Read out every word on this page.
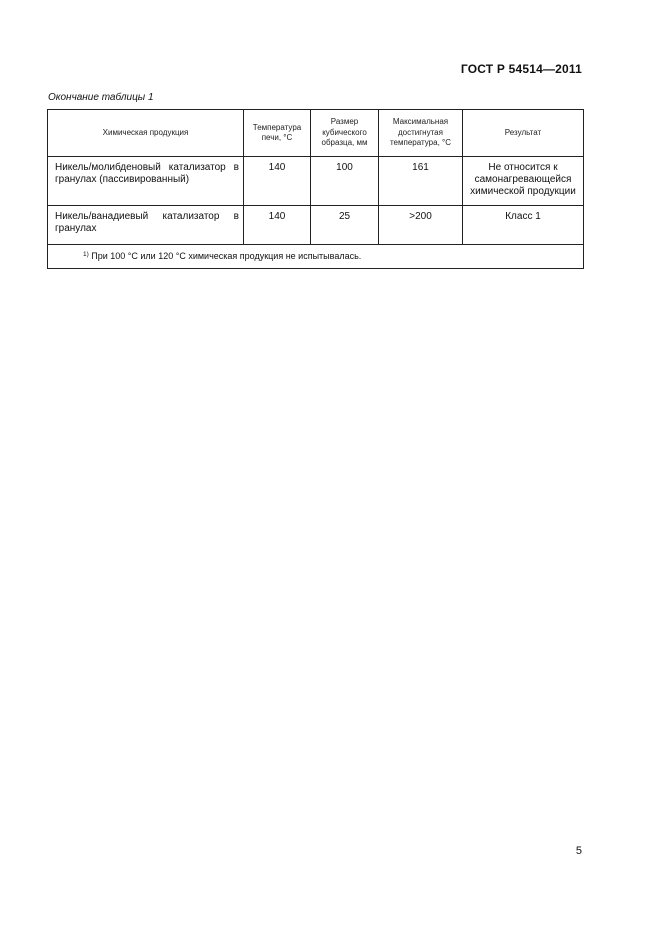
ГОСТ Р 54514—2011
Окончание таблицы 1
Химическая продукция	Температура печи, °С	Размер кубического образца, мм	Максимальная достигнутая температура, °С	Результат
Никель/молибденовый катализатор в гранулах (пассивированный)	140	100	161	Не относится к самонагревающейся химической продукции
Никель/ванадиевый катализатор в гранулах	140	25	>200	Класс 1
$^{1)}$ При 100 °С или 120 °С химическая продукция не испытывалась.				
5
